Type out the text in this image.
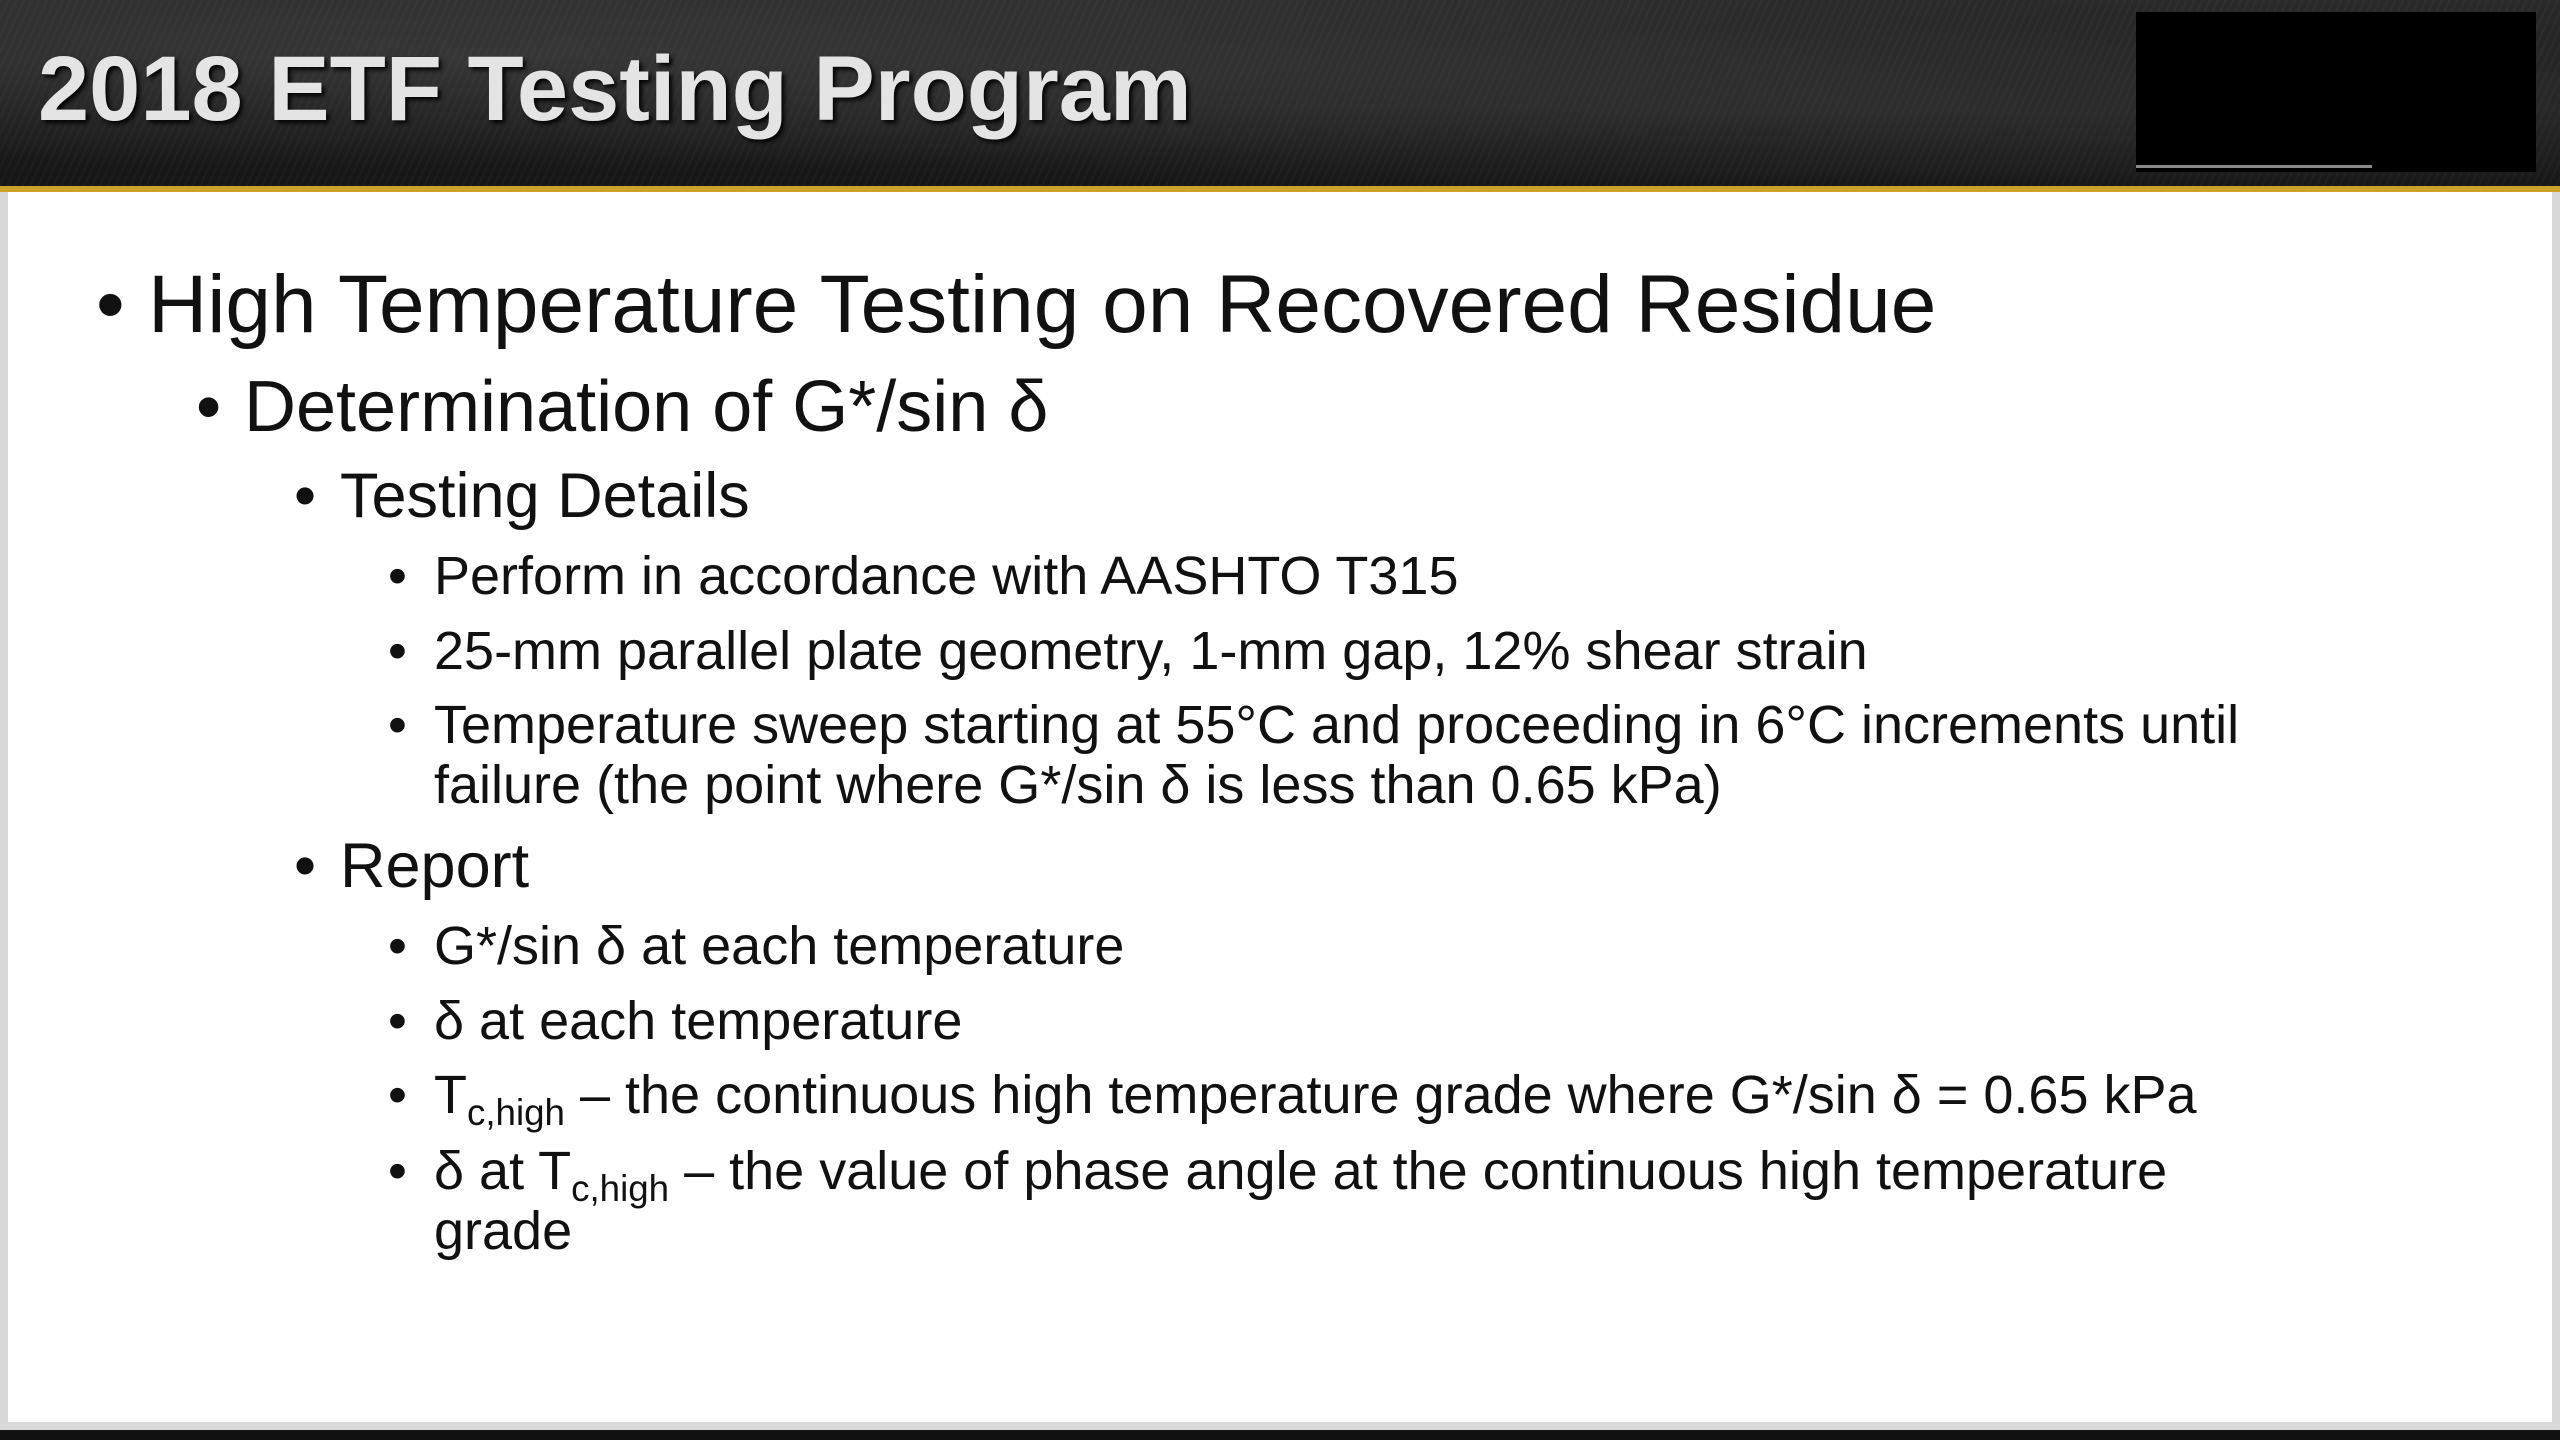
2018 ETF Testing Program
• High Temperature Testing on Recovered Residue
• Determination of G*/sin δ
• Testing Details
• Perform in accordance with AASHTO T315
• 25-mm parallel plate geometry, 1-mm gap, 12% shear strain
• Temperature sweep starting at 55°C and proceeding in 6°C increments until
failure (the point where G*/sin δ is less than 0.65 kPa)
• Report
• G*/sin δ at each temperature
• δ at each temperature
• $T_{c,high}$ – the continuous high temperature grade where G*/sin δ = 0.65 kPa
• δ at $T_{c,high}$ – the value of phase angle at the continuous high temperature
grade
